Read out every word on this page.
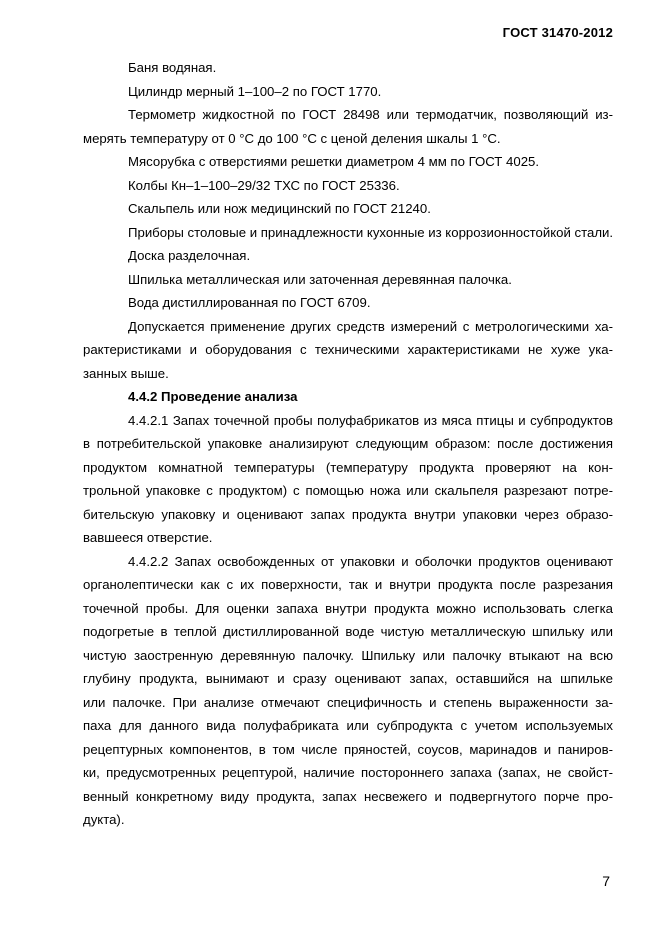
ГОСТ 31470-2012
Баня водяная.
Цилиндр мерный 1–100–2 по ГОСТ 1770.
Термометр жидкостной по ГОСТ 28498 или термодатчик, позволяющий из-
мерять температуру от 0 °С до 100 °С с ценой деления шкалы 1 °С.
Мясорубка с отверстиями решетки диаметром 4 мм по ГОСТ 4025.
Колбы Кн–1–100–29/32 ТХС по ГОСТ 25336.
Скальпель или нож медицинский по ГОСТ 21240.
Приборы столовые и принадлежности кухонные из коррозионностойкой стали.
Доска разделочная.
Шпилька металлическая или заточенная деревянная палочка.
Вода дистиллированная по ГОСТ 6709.
Допускается применение других средств измерений с метрологическими ха-
рактеристиками и оборудования с техническими характеристиками не хуже ука-
занных выше.
4.4.2 Проведение анализа
4.4.2.1 Запах точечной пробы полуфабрикатов из мяса птицы и субпродуктов
в потребительской упаковке анализируют следующим образом: после достижения
продуктом комнатной температуры (температуру продукта проверяют на кон-
трольной упаковке с продуктом) с помощью ножа или скальпеля разрезают потре-
бительскую упаковку и оценивают запах продукта внутри упаковки через образо-
вавшееся отверстие.
4.4.2.2 Запах освобожденных от упаковки и оболочки продуктов оценивают
органолептически как с их поверхности, так и внутри продукта после разрезания
точечной пробы. Для оценки запаха внутри продукта можно использовать слегка
подогретые в теплой дистиллированной воде чистую металлическую шпильку или
чистую заостренную деревянную палочку. Шпильку или палочку втыкают на всю
глубину продукта, вынимают и сразу оценивают запах, оставшийся на шпильке
или палочке. При анализе отмечают специфичность и степень выраженности за-
паха для данного вида полуфабриката или субпродукта с учетом используемых
рецептурных компонентов, в том числе пряностей, соусов, маринадов и паниров-
ки, предусмотренных рецептурой, наличие постороннего запаха (запах, не свойст-
венный конкретному виду продукта, запах несвежего и подвергнутого порче про-
дукта).
7
